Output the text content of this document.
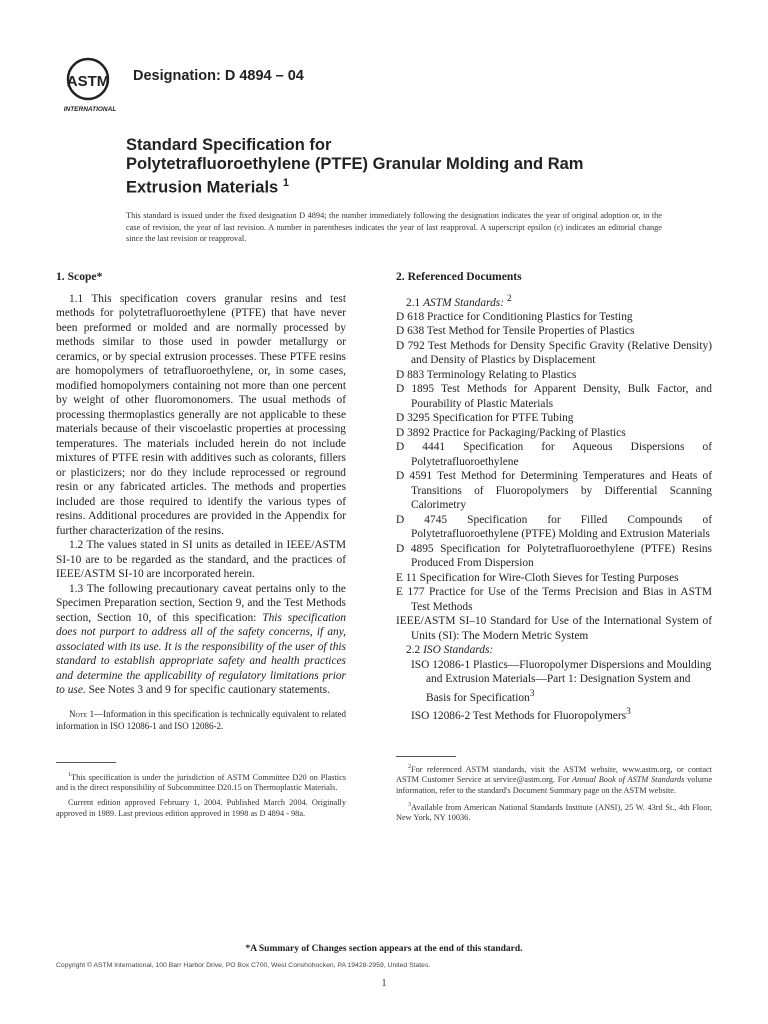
ASTM
INTERNATIONAL
Designation: D 4894 – 04
Standard Specification for
Polytetrafluoroethylene (PTFE) Granular Molding and Ram
Extrusion Materials $^1$
This standard is issued under the fixed designation D 4894; the number immediately following the designation indicates the year of original adoption or, in the case of revision, the year of last revision. A number in parentheses indicates the year of last reapproval. A superscript epsilon (ε) indicates an editorial change since the last revision or reapproval.
1. Scope*

1.1 This specification covers granular resins and test methods for polytetrafluoroethylene (PTFE) that have never been preformed or molded and are normally processed by methods similar to those used in powder metallurgy or ceramics, or by special extrusion processes. These PTFE resins are homopolymers of tetrafluoroethylene, or, in some cases, modified homopolymers containing not more than one percent by weight of other fluoromonomers. The usual methods of processing thermoplastics generally are not applicable to these materials because of their viscoelastic properties at processing temperatures. The materials included herein do not include mixtures of PTFE resin with additives such as colorants, fillers or plasticizers; nor do they include reprocessed or reground resin or any fabricated articles. The methods and properties included are those required to identify the various types of resins. Additional procedures are provided in the Appendix for further characterization of the resins.

1.2 The values stated in SI units as detailed in IEEE/ASTM SI-10 are to be regarded as the standard, and the practices of IEEE/ASTM SI-10 are incorporated herein.

1.3 The following precautionary caveat pertains only to the Specimen Preparation section, Section 9, and the Test Methods section, Section 10, of this specification: This specification does not purport to address all of the safety concerns, if any, associated with its use. It is the responsibility of the user of this standard to establish appropriate safety and health practices and determine the applicability of regulatory limitations prior to use. See Notes 3 and 9 for specific cautionary statements.

Note 1—Information in this specification is technically equivalent to related information in ISO 12086-1 and ISO 12086-2.

2. Referenced Documents
2.1 ASTM Standards: $^2$
D 618 Practice for Conditioning Plastics for Testing
D 638 Test Method for Tensile Properties of Plastics
D 792 Test Methods for Density Specific Gravity (Relative Density) and Density of Plastics by Displacement
D 883 Terminology Relating to Plastics
D 1895 Test Methods for Apparent Density, Bulk Factor, and Pourability of Plastic Materials
D 3295 Specification for PTFE Tubing
D 3892 Practice for Packaging/Packing of Plastics
D 4441 Specification for Aqueous Dispersions of Polytetrafluoroethylene
D 4591 Test Method for Determining Temperatures and Heats of Transitions of Fluoropolymers by Differential Scanning Calorimetry
D 4745 Specification for Filled Compounds of Polytetrafluoroethylene (PTFE) Molding and Extrusion Materials
D 4895 Specification for Polytetrafluoroethylene (PTFE) Resins Produced From Dispersion
E 11 Specification for Wire-Cloth Sieves for Testing Purposes
E 177 Practice for Use of the Terms Precision and Bias in ASTM Test Methods
IEEE/ASTM SI–10 Standard for Use of the International System of Units (SI): The Modern Metric System
2.2 ISO Standards:
ISO 12086-1 Plastics—Fluoropolymer Dispersions and Moulding and Extrusion Materials—Part 1: Designation System and Basis for Specification$^3$
ISO 12086-2 Test Methods for Fluoropolymers$^3$

$^1$This specification is under the jurisdiction of ASTM Committee D20 on Plastics and is the direct responsibility of Subcommittee D20.15 on Thermoplastic Materials.

Current edition approved February 1, 2004. Published March 2004. Originally approved in 1989. Last previous edition approved in 1998 as D 4894 - 98a.

$^2$For referenced ASTM standards, visit the ASTM website, www.astm.org, or contact ASTM Customer Service at service@astm.org. For Annual Book of ASTM Standards volume information, refer to the standard's Document Summary page on the ASTM website.

$^3$Available from American National Standards Institute (ANSI), 25 W. 43rd St., 4th Floor, New York, NY 10036.

*A Summary of Changes section appears at the end of this standard.
Copyright © ASTM International, 100 Barr Harbor Drive, PO Box C700, West Conshohocken, PA 19428-2959, United States.
1
